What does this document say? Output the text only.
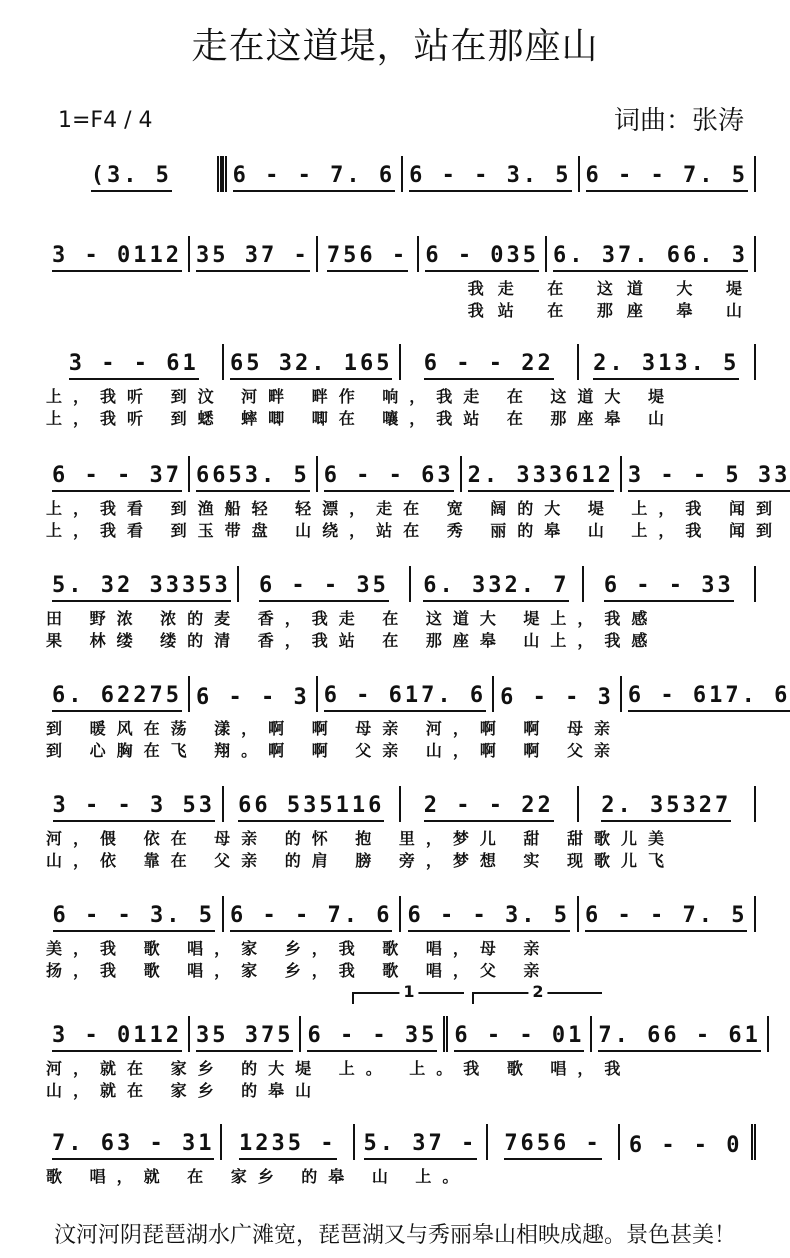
走在这道堤，站在那座山
1=F4 / 4	词曲：张涛
(3. 5	6 - - 7. 6 6 - - 3. 5 6 - - 7. 5
3 - 0112 35 37 - 756 - 6 - 035 6. 37. 66. 3
我走 在 这道 大 堤
我站 在 那座 皋 山
3 - - 61 65 32. 165 6 - - 22 2. 313. 5
上，我听 到汶 河畔 畔作 响，我走 在 这道大 堤
上，我听 到蟋 蟀唧 唧在 嚷，我站 在 那座皋 山
6 - - 37 6653. 5 6 - - 63 2. 333612 3 - - 5 33
上，我看 到渔船轻 轻漂，走在 宽 阔的大 堤 上，我 闻到
上，我看 到玉带盘 山绕，站在 秀 丽的皋 山 上，我 闻到
5. 32 33353 6 - - 35 6. 332. 7 6 - - 33
田 野浓 浓的麦 香，我走 在 这道大 堤上，我感
果 林缕 缕的清 香，我站 在 那座皋 山上，我感
6. 62275 6 - - 3 6 - 617. 6 6 - - 3 6 - 617. 6
到 暖风在荡 漾，啊 啊 母亲 河，啊 啊 母亲
到 心胸在飞 翔。啊 啊 父亲 山，啊 啊 父亲
3 - - 3 53 66 535116 2 - - 22 2. 35327
河，偎 依在 母亲 的怀 抱 里，梦儿 甜 甜歌儿美
山，依 靠在 父亲 的肩 膀 旁，梦想 实 现歌儿飞
6 - - 3. 5 6 - - 7. 6 6 - - 3. 5 6 - - 7. 5
美，我 歌 唱，家 乡，我 歌 唱，母 亲
扬，我 歌 唱，家 乡，我 歌 唱，父 亲
3 - 0112 35 375 6 - - 35 6 - - 01 7. 66 - 61
河，就在 家乡 的大堤 上。 上。我 歌 唱，我
山，就在 家乡 的皋山
7. 63 - 31 1235 - 5. 37 - 7656 - 6 - - 0
歌 唱，就 在 家乡 的皋 山 上。
1	2
汶河河阴琵琶湖水广滩宽，琵琶湖又与秀丽皋山相映成趣。景色甚美！
